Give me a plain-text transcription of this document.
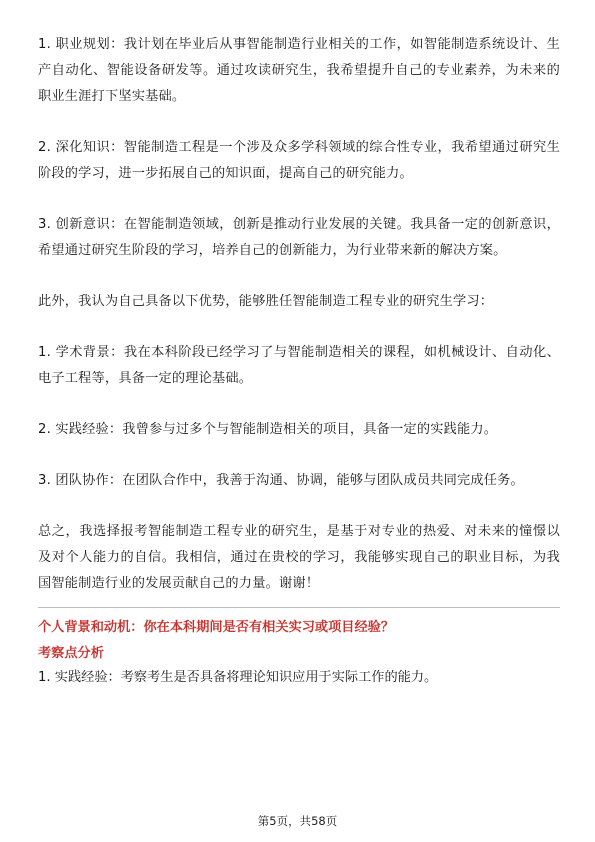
1. 职业规划：我计划在毕业后从事智能制造行业相关的工作，如智能制造系统设计、生产自动化、智能设备研发等。通过攻读研究生，我希望提升自己的专业素养，为未来的职业生涯打下坚实基础。

2. 深化知识：智能制造工程是一个涉及众多学科领域的综合性专业，我希望通过研究生阶段的学习，进一步拓展自己的知识面，提高自己的研究能力。

3. 创新意识：在智能制造领域，创新是推动行业发展的关键。我具备一定的创新意识，希望通过研究生阶段的学习，培养自己的创新能力，为行业带来新的解决方案。

此外，我认为自己具备以下优势，能够胜任智能制造工程专业的研究生学习：

1. 学术背景：我在本科阶段已经学习了与智能制造相关的课程，如机械设计、自动化、电子工程等，具备一定的理论基础。

2. 实践经验：我曾参与过多个与智能制造相关的项目，具备一定的实践能力。

3. 团队协作：在团队合作中，我善于沟通、协调，能够与团队成员共同完成任务。

总之，我选择报考智能制造工程专业的研究生，是基于对专业的热爱、对未来的憧憬以及对个人能力的自信。我相信，通过在贵校的学习，我能够实现自己的职业目标，为我国智能制造行业的发展贡献自己的力量。谢谢！

个人背景和动机：你在本科期间是否有相关实习或项目经验？

考察点分析

1. 实践经验：考察考生是否具备将理论知识应用于实际工作的能力。

第5页，共58页
